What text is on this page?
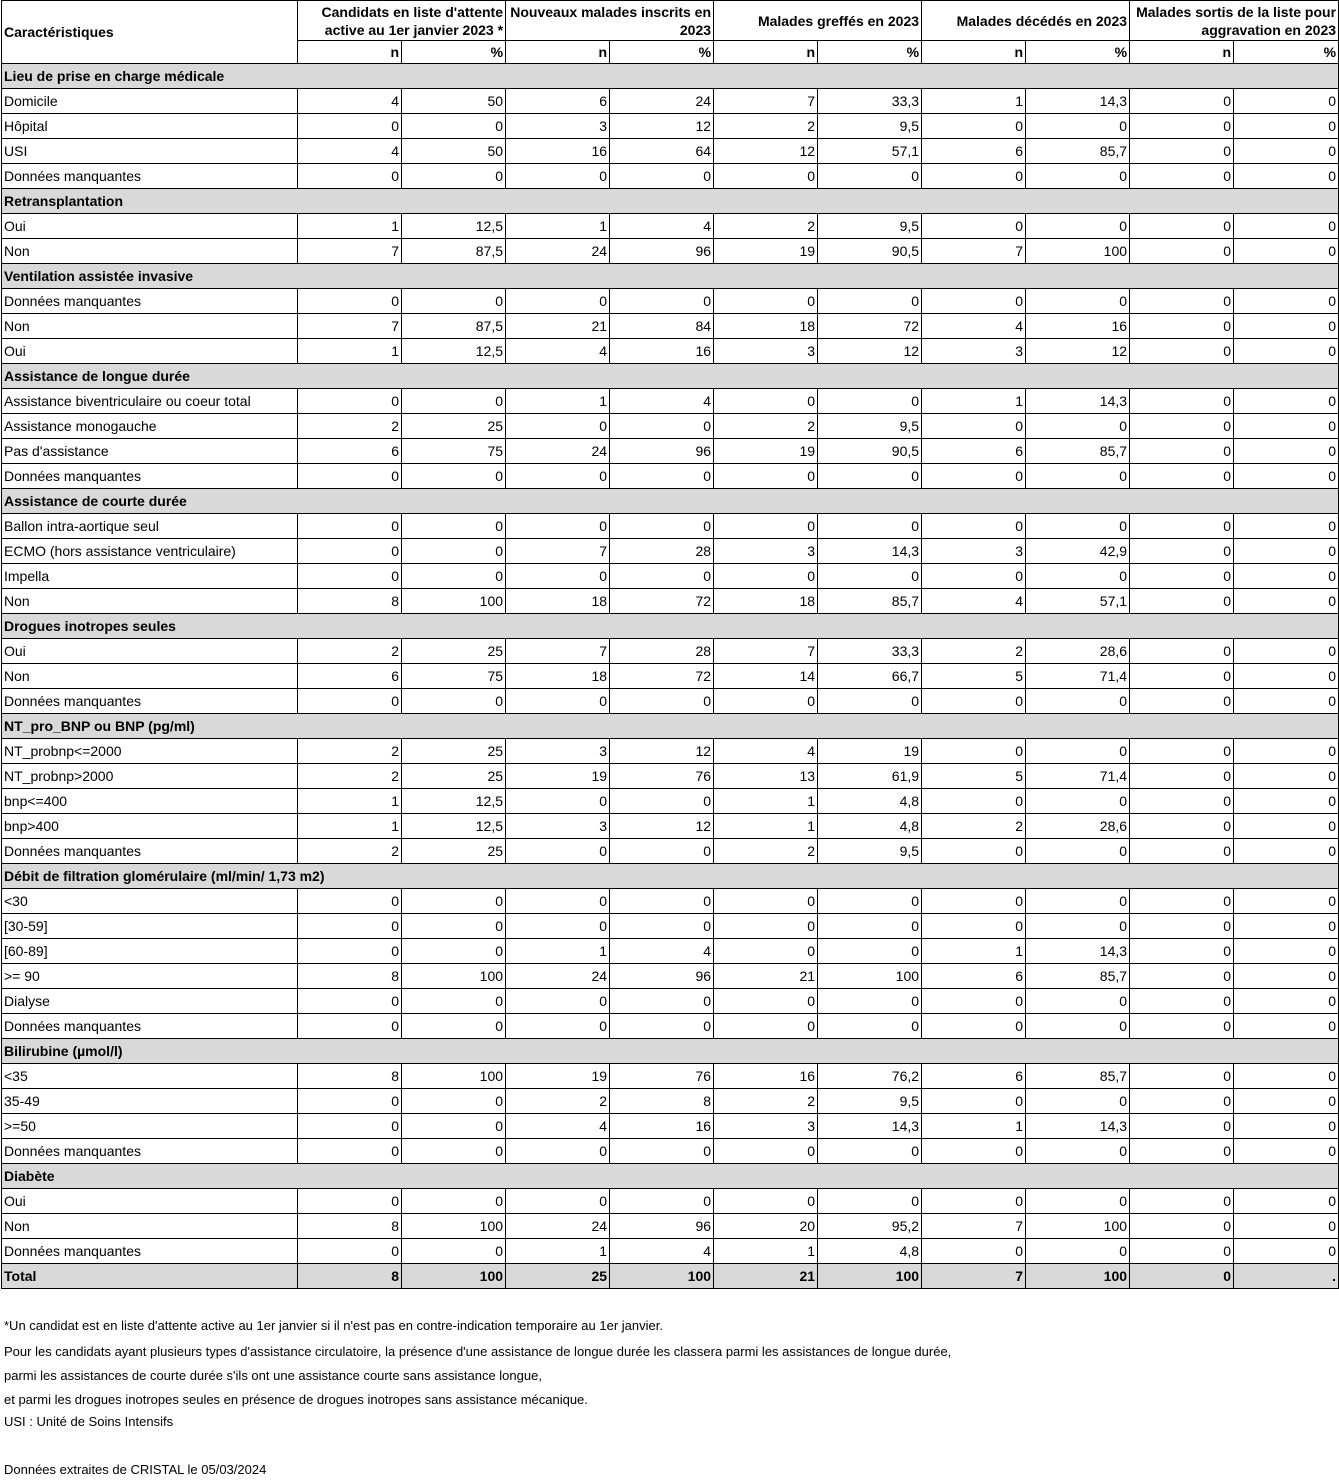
Caractéristiques	Candidats en liste d'attente active au 1er janvier 2023 *		Nouveaux malades inscrits en 2023		Malades greffés en 2023		Malades décédés en 2023		Malades sortis de la liste pour aggravation en 2023	

	n	%	n	%	n	%	n	%	n	%
Lieu de prise en charge médicale										
Domicile	4	50	6	24	7	33,3	1	14,3	0	0
Hôpital	0	0	3	12	2	9,5	0	0	0	0
USI	4	50	16	64	12	57,1	6	85,7	0	0
Données manquantes	0	0	0	0	0	0	0	0	0	0
Retransplantation										
Oui	1	12,5	1	4	2	9,5	0	0	0	0
Non	7	87,5	24	96	19	90,5	7	100	0	0
Ventilation assistée invasive										
Données manquantes	0	0	0	0	0	0	0	0	0	0
Non	7	87,5	21	84	18	72	4	16	0	0
Oui	1	12,5	4	16	3	12	3	12	0	0
Assistance de longue durée										
Assistance biventriculaire ou coeur total	0	0	1	4	0	0	1	14,3	0	0
Assistance monogauche	2	25	0	0	2	9,5	0	0	0	0
Pas d'assistance	6	75	24	96	19	90,5	6	85,7	0	0
Données manquantes	0	0	0	0	0	0	0	0	0	0
Assistance de courte durée										
Ballon intra-aortique seul	0	0	0	0	0	0	0	0	0	0
ECMO (hors assistance ventriculaire)	0	0	7	28	3	14,3	3	42,9	0	0
Impella	0	0	0	0	0	0	0	0	0	0
Non	8	100	18	72	18	85,7	4	57,1	0	0
Drogues inotropes seules										
Oui	2	25	7	28	7	33,3	2	28,6	0	0
Non	6	75	18	72	14	66,7	5	71,4	0	0
Données manquantes	0	0	0	0	0	0	0	0	0	0
NT_pro_BNP ou BNP (pg/ml)										
NT_probnp<=2000	2	25	3	12	4	19	0	0	0	0
NT_probnp>2000	2	25	19	76	13	61,9	5	71,4	0	0
bnp<=400	1	12,5	0	0	1	4,8	0	0	0	0
bnp>400	1	12,5	3	12	1	4,8	2	28,6	0	0
Données manquantes	2	25	0	0	2	9,5	0	0	0	0
Débit de filtration glomérulaire (ml/min/ 1,73 m2)										
<30	0	0	0	0	0	0	0	0	0	0
[30-59]	0	0	0	0	0	0	0	0	0	0
[60-89]	0	0	1	4	0	0	1	14,3	0	0
>= 90	8	100	24	96	21	100	6	85,7	0	0
Dialyse	0	0	0	0	0	0	0	0	0	0
Données manquantes	0	0	0	0	0	0	0	0	0	0
Bilirubine (µmol/l)										
<35	8	100	19	76	16	76,2	6	85,7	0	0
35-49	0	0	2	8	2	9,5	0	0	0	0
>=50	0	0	4	16	3	14,3	1	14,3	0	0
Données manquantes	0	0	0	0	0	0	0	0	0	0
Diabète										
Oui	0	0	0	0	0	0	0	0	0	0
Non	8	100	24	96	20	95,2	7	100	0	0
Données manquantes	0	0	1	4	1	4,8	0	0	0	0
Total	8	100	25	100	21	100	7	100	0	.
*Un candidat est en liste d'attente active au 1er janvier si il n'est pas en contre-indication temporaire au 1er janvier.
Pour les candidats ayant plusieurs types d'assistance circulatoire, la présence d'une assistance de longue durée les classera parmi les assistances de longue durée,
parmi les assistances de courte durée s'ils ont une assistance courte sans assistance longue,
et parmi les drogues inotropes seules en présence de drogues inotropes sans assistance mécanique.
USI : Unité de Soins Intensifs
Données extraites de CRISTAL le 05/03/2024
